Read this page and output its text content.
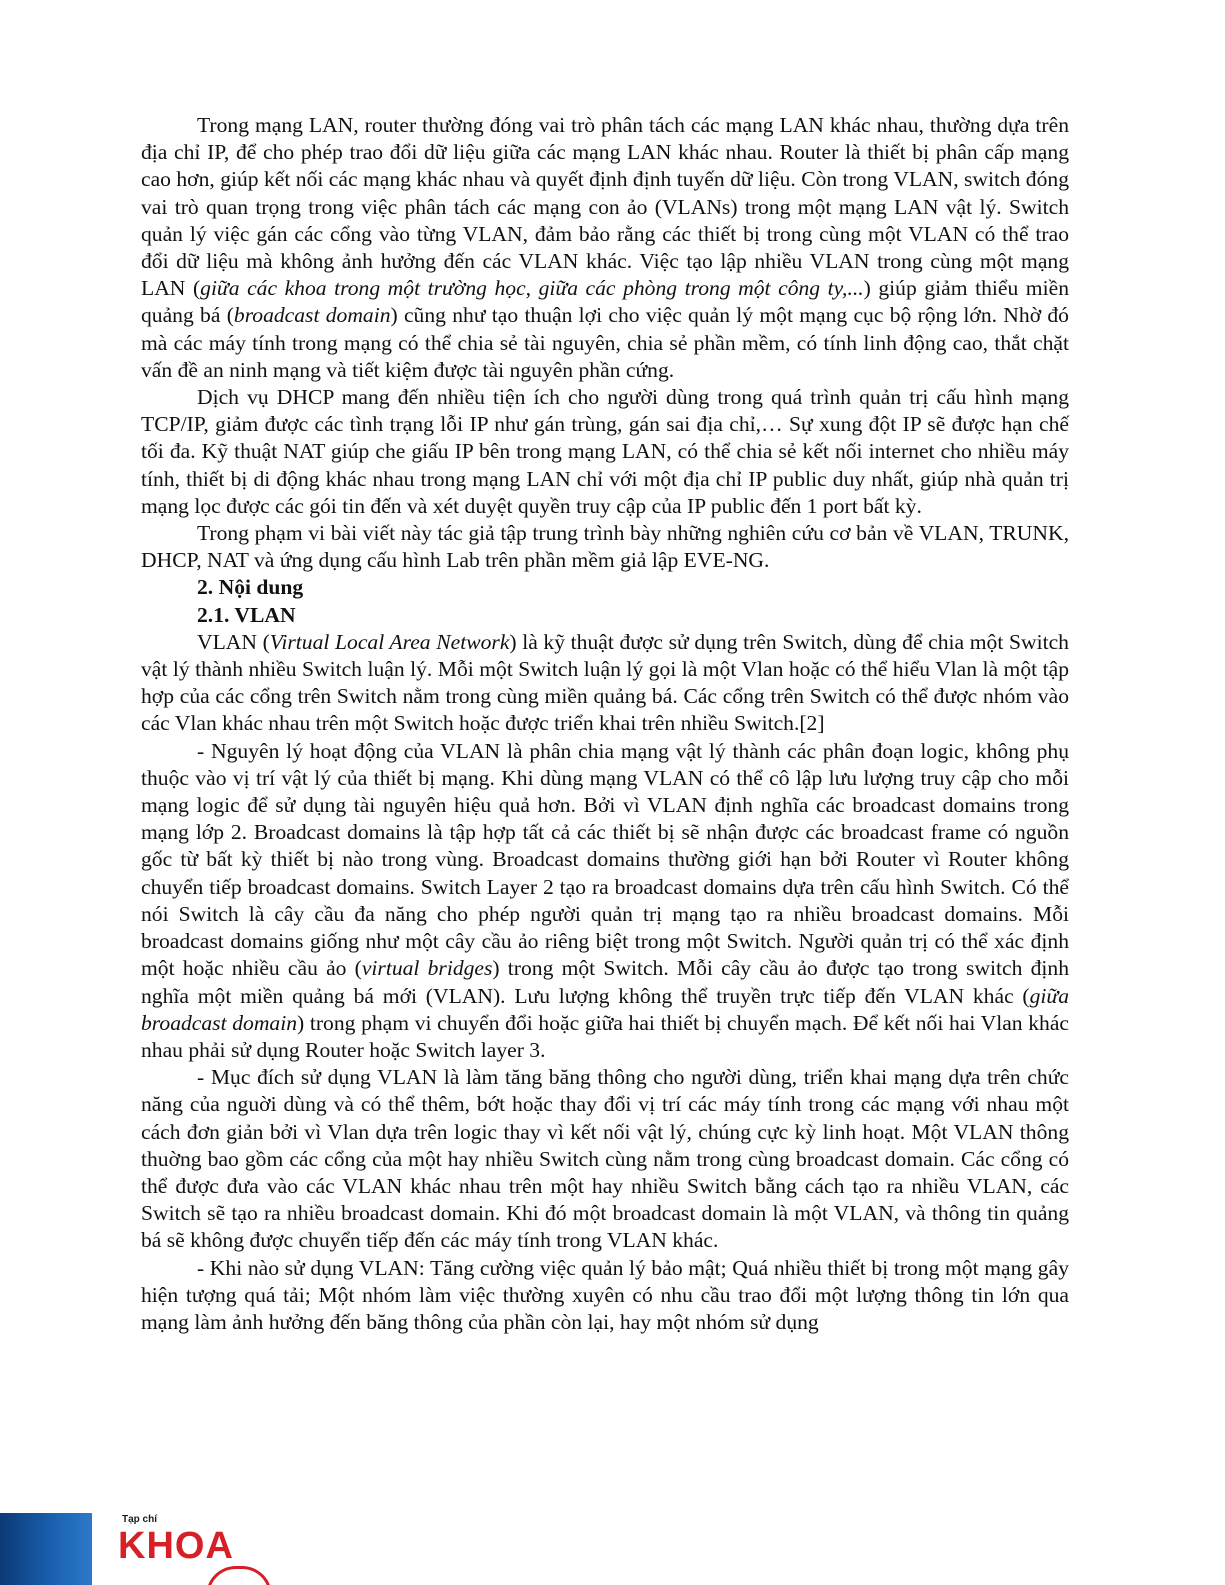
Trong mạng LAN, router thường đóng vai trò phân tách các mạng LAN khác nhau, thường dựa trên địa chỉ IP, để cho phép trao đổi dữ liệu giữa các mạng LAN khác nhau. Router là thiết bị phân cấp mạng cao hơn, giúp kết nối các mạng khác nhau và quyết định định tuyến dữ liệu. Còn trong VLAN, switch đóng vai trò quan trọng trong việc phân tách các mạng con ảo (VLANs) trong một mạng LAN vật lý. Switch quản lý việc gán các cổng vào từng VLAN, đảm bảo rằng các thiết bị trong cùng một VLAN có thể trao đổi dữ liệu mà không ảnh hưởng đến các VLAN khác. Việc tạo lập nhiều VLAN trong cùng một mạng LAN (giữa các khoa trong một trường học, giữa các phòng trong một công ty,...) giúp giảm thiểu miền quảng bá (broadcast domain) cũng như tạo thuận lợi cho việc quản lý một mạng cục bộ rộng lớn. Nhờ đó mà các máy tính trong mạng có thể chia sẻ tài nguyên, chia sẻ phần mềm, có tính linh động cao, thắt chặt vấn đề an ninh mạng và tiết kiệm được tài nguyên phần cứng.

Dịch vụ DHCP mang đến nhiều tiện ích cho người dùng trong quá trình quản trị cấu hình mạng TCP/IP, giảm được các tình trạng lỗi IP như gán trùng, gán sai địa chỉ,… Sự xung đột IP sẽ được hạn chế tối đa. Kỹ thuật NAT giúp che giấu IP bên trong mạng LAN, có thể chia sẻ kết nối internet cho nhiều máy tính, thiết bị di động khác nhau trong mạng LAN chỉ với một địa chỉ IP public duy nhất, giúp nhà quản trị mạng lọc được các gói tin đến và xét duyệt quyền truy cập của IP public đến 1 port bất kỳ.

Trong phạm vi bài viết này tác giả tập trung trình bày những nghiên cứu cơ bản về VLAN, TRUNK, DHCP, NAT và ứng dụng cấu hình Lab trên phần mềm giả lập EVE-NG.

2. Nội dung
2.1. VLAN

VLAN (Virtual Local Area Network) là kỹ thuật được sử dụng trên Switch, dùng để chia một Switch vật lý thành nhiều Switch luận lý. Mỗi một Switch luận lý gọi là một Vlan hoặc có thể hiểu Vlan là một tập hợp của các cổng trên Switch nằm trong cùng miền quảng bá. Các cổng trên Switch có thể được nhóm vào các Vlan khác nhau trên một Switch hoặc được triển khai trên nhiều Switch.[2]

- Nguyên lý hoạt động của VLAN là phân chia mạng vật lý thành các phân đoạn logic, không phụ thuộc vào vị trí vật lý của thiết bị mạng. Khi dùng mạng VLAN có thể cô lập lưu lượng truy cập cho mỗi mạng logic để sử dụng tài nguyên hiệu quả hơn. Bởi vì VLAN định nghĩa các broadcast domains trong mạng lớp 2. Broadcast domains là tập hợp tất cả các thiết bị sẽ nhận được các broadcast frame có nguồn gốc từ bất kỳ thiết bị nào trong vùng. Broadcast domains thường giới hạn bởi Router vì Router không chuyển tiếp broadcast domains. Switch Layer 2 tạo ra broadcast domains dựa trên cấu hình Switch. Có thể nói Switch là cây cầu đa năng cho phép người quản trị mạng tạo ra nhiều broadcast domains. Mỗi broadcast domains giống như một cây cầu ảo riêng biệt trong một Switch. Người quản trị có thể xác định một hoặc nhiều cầu ảo (virtual bridges) trong một Switch. Mỗi cây cầu ảo được tạo trong switch định nghĩa một miền quảng bá mới (VLAN). Lưu lượng không thể truyền trực tiếp đến VLAN khác (giữa broadcast domain) trong phạm vi chuyển đổi hoặc giữa hai thiết bị chuyển mạch. Để kết nối hai Vlan khác nhau phải sử dụng Router hoặc Switch layer 3.

- Mục đích sử dụng VLAN là làm tăng băng thông cho người dùng, triển khai mạng dựa trên chức năng của nguời dùng và có thể thêm, bớt hoặc thay đổi vị trí các máy tính trong các mạng với nhau một cách đơn giản bởi vì Vlan dựa trên logic thay vì kết nối vật lý, chúng cực kỳ linh hoạt. Một VLAN thông thuờng bao gồm các cổng của một hay nhiều Switch cùng nằm trong cùng broadcast domain. Các cổng có thể được đưa vào các VLAN khác nhau trên một hay nhiều Switch bằng cách tạo ra nhiều VLAN, các Switch sẽ tạo ra nhiều broadcast domain. Khi đó một broadcast domain là một VLAN, và thông tin quảng bá sẽ không được chuyển tiếp đến các máy tính trong VLAN khác.

- Khi nào sử dụng VLAN: Tăng cường việc quản lý bảo mật; Quá nhiều thiết bị trong một mạng gây hiện tượng quá tải; Một nhóm làm việc thường xuyên có nhu cầu trao đổi một lượng thông tin lớn qua mạng làm ảnh hưởng đến băng thông của phần còn lại, hay một nhóm sử dụng

Tạp chí
KHOA
